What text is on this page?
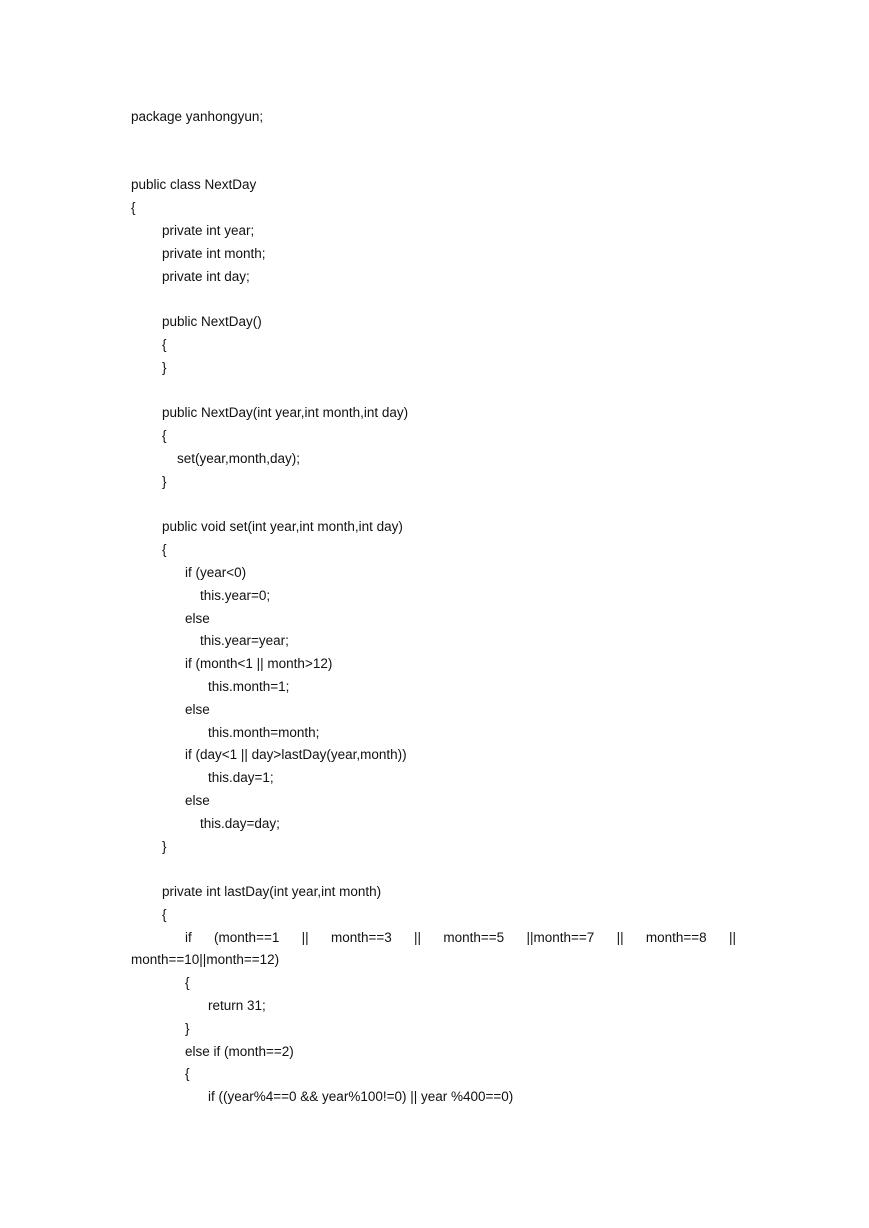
package yanhongyun;
public class NextDay
{
private int year;
private int month;
private int day;
public NextDay()
{
}
public NextDay(int year,int month,int day)
{
set(year,month,day);
}
public void set(int year,int month,int day)
{
if (year<0)
this.year=0;
else
this.year=year;
if (month<1 || month>12)
this.month=1;
else
this.month=month;
if (day<1 || day>lastDay(year,month))
this.day=1;
else
this.day=day;
}
private int lastDay(int year,int month)
{
if (month==1 || month==3 || month==5 ||month==7 || month==8 ||
month==10||month==12)
{
return 31;
}
else if (month==2)
{
if ((year%4==0 && year%100!=0) || year %400==0)
